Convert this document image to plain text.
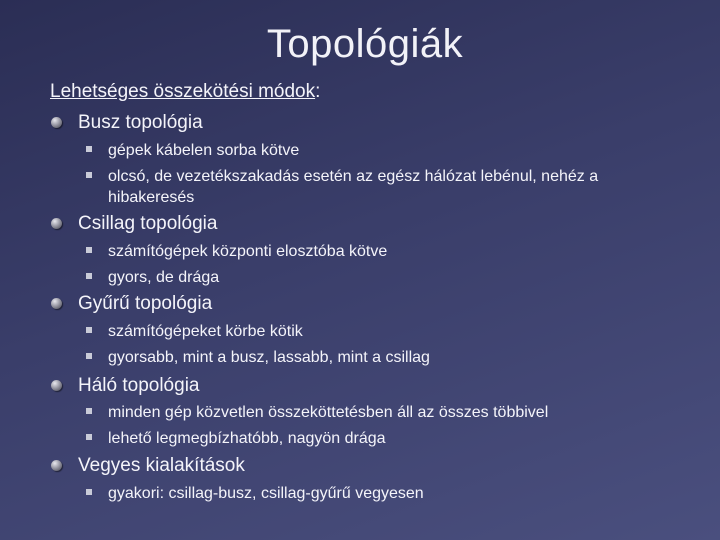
Topológiák
Lehetséges összekötési módok:
Busz topológia
gépek kábelen sorba kötve
olcsó, de vezetékszakadás esetén az egész hálózat lebénul, nehéz a hibakeresés
Csillag topológia
számítógépek központi elosztóba kötve
gyors, de drága
Gyűrű topológia
számítógépeket körbe kötik
gyorsabb, mint a busz, lassabb, mint a csillag
Háló topológia
minden gép közvetlen összeköttetésben áll az összes többivel
lehető legmegbízhatóbb, nagyön drága
Vegyes kialakítások
gyakori: csillag-busz, csillag-gyűrű vegyesen
